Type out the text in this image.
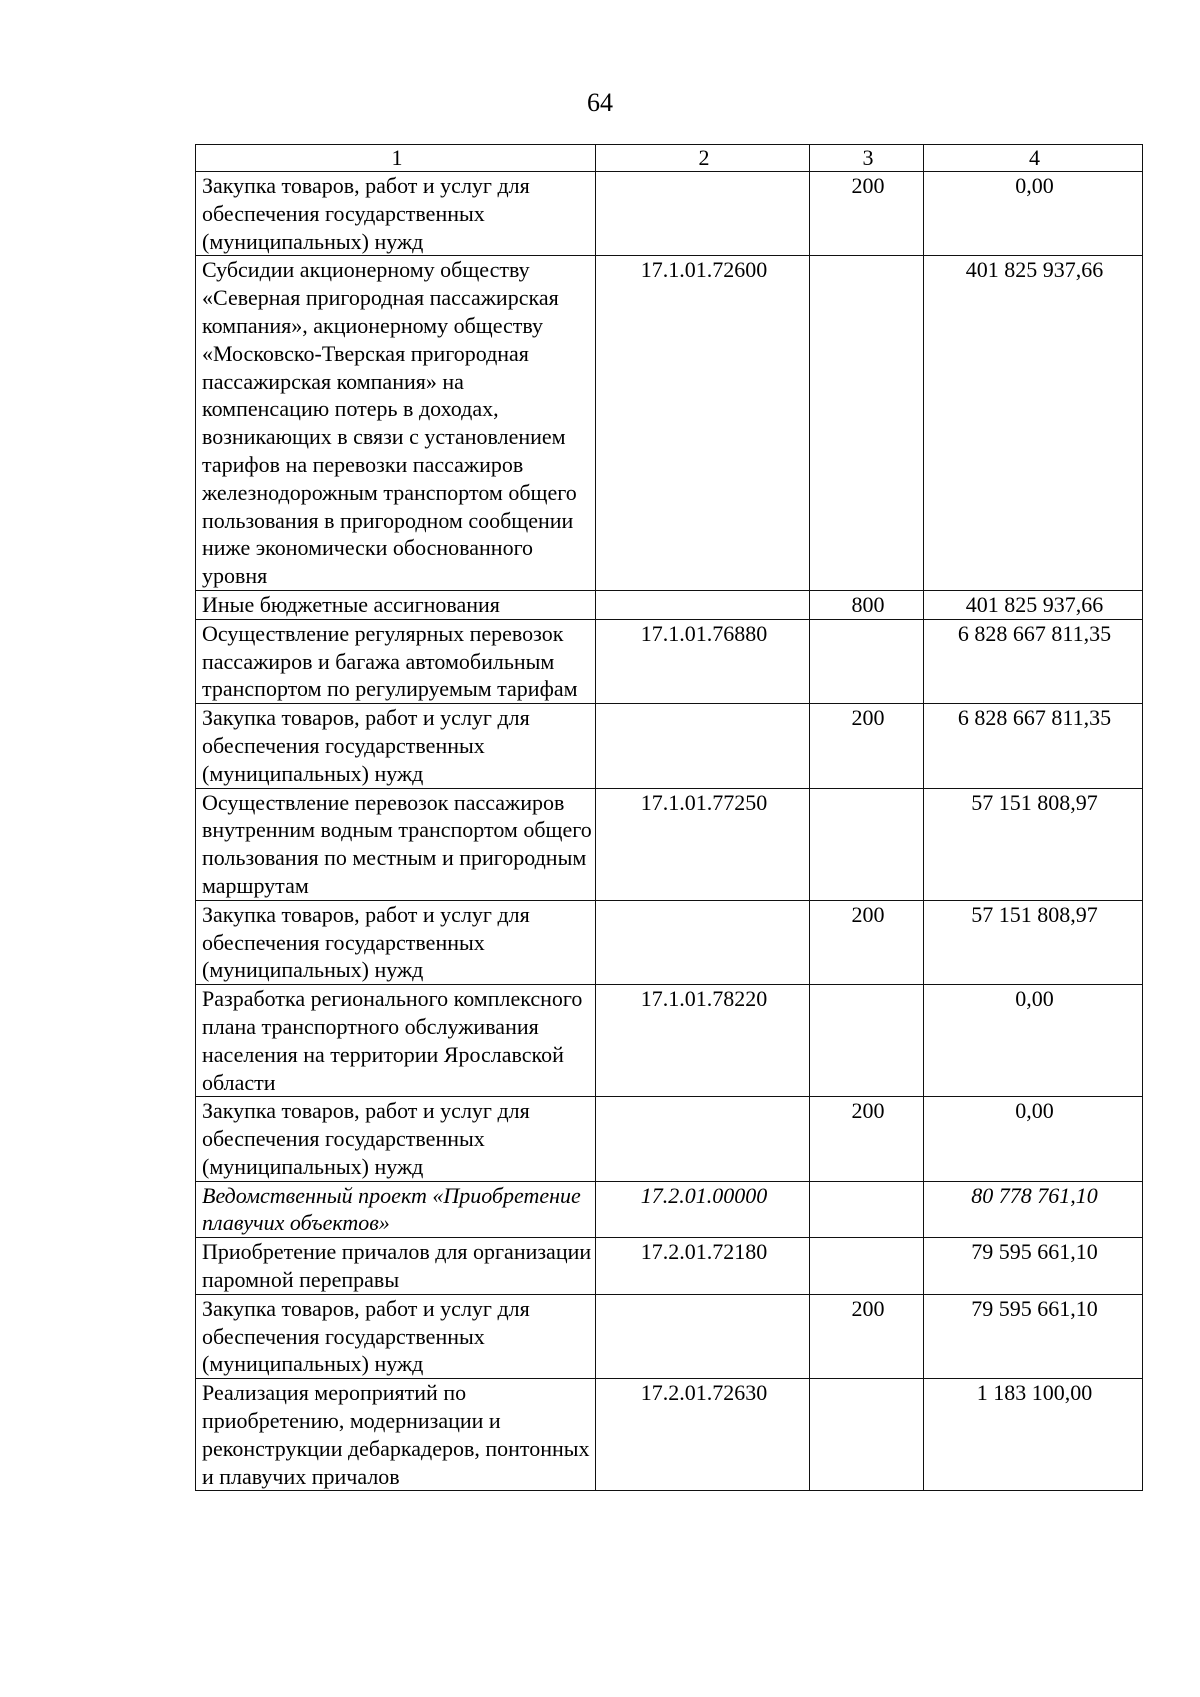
64
1	2	3	4
Закупка товаров, работ и услуг для обеспечения государственных (муниципальных) нужд		200	0,00
Субсидии акционерному обществу «Северная пригородная пассажирская компания», акционерному обществу «Московско-Тверская пригородная пассажирская компания» на компенсацию потерь в доходах, возникающих в связи с установлением тарифов на перевозки пассажиров железнодорожным транспортом общего пользования в пригородном сообщении ниже экономически обоснованного уровня	17.1.01.72600		401 825 937,66
Иные бюджетные ассигнования		800	401 825 937,66
Осуществление регулярных перевозок пассажиров и багажа автомобильным транспортом по регулируемым тарифам	17.1.01.76880		6 828 667 811,35
Закупка товаров, работ и услуг для обеспечения государственных (муниципальных) нужд		200	6 828 667 811,35
Осуществление перевозок пассажиров внутренним водным транспортом общего пользования по местным и пригородным маршрутам	17.1.01.77250		57 151 808,97
Закупка товаров, работ и услуг для обеспечения государственных (муниципальных) нужд		200	57 151 808,97
Разработка регионального комплексного плана транспортного обслуживания населения на территории Ярославской области	17.1.01.78220		0,00
Закупка товаров, работ и услуг для обеспечения государственных (муниципальных) нужд		200	0,00
Ведомственный проект «Приобретение плавучих объектов»	17.2.01.00000		80 778 761,10
Приобретение причалов для организации паромной переправы	17.2.01.72180		79 595 661,10
Закупка товаров, работ и услуг для обеспечения государственных (муниципальных) нужд		200	79 595 661,10
Реализация мероприятий по приобретению, модернизации и реконструкции дебаркадеров, понтонных и плавучих причалов	17.2.01.72630		1 183 100,00
